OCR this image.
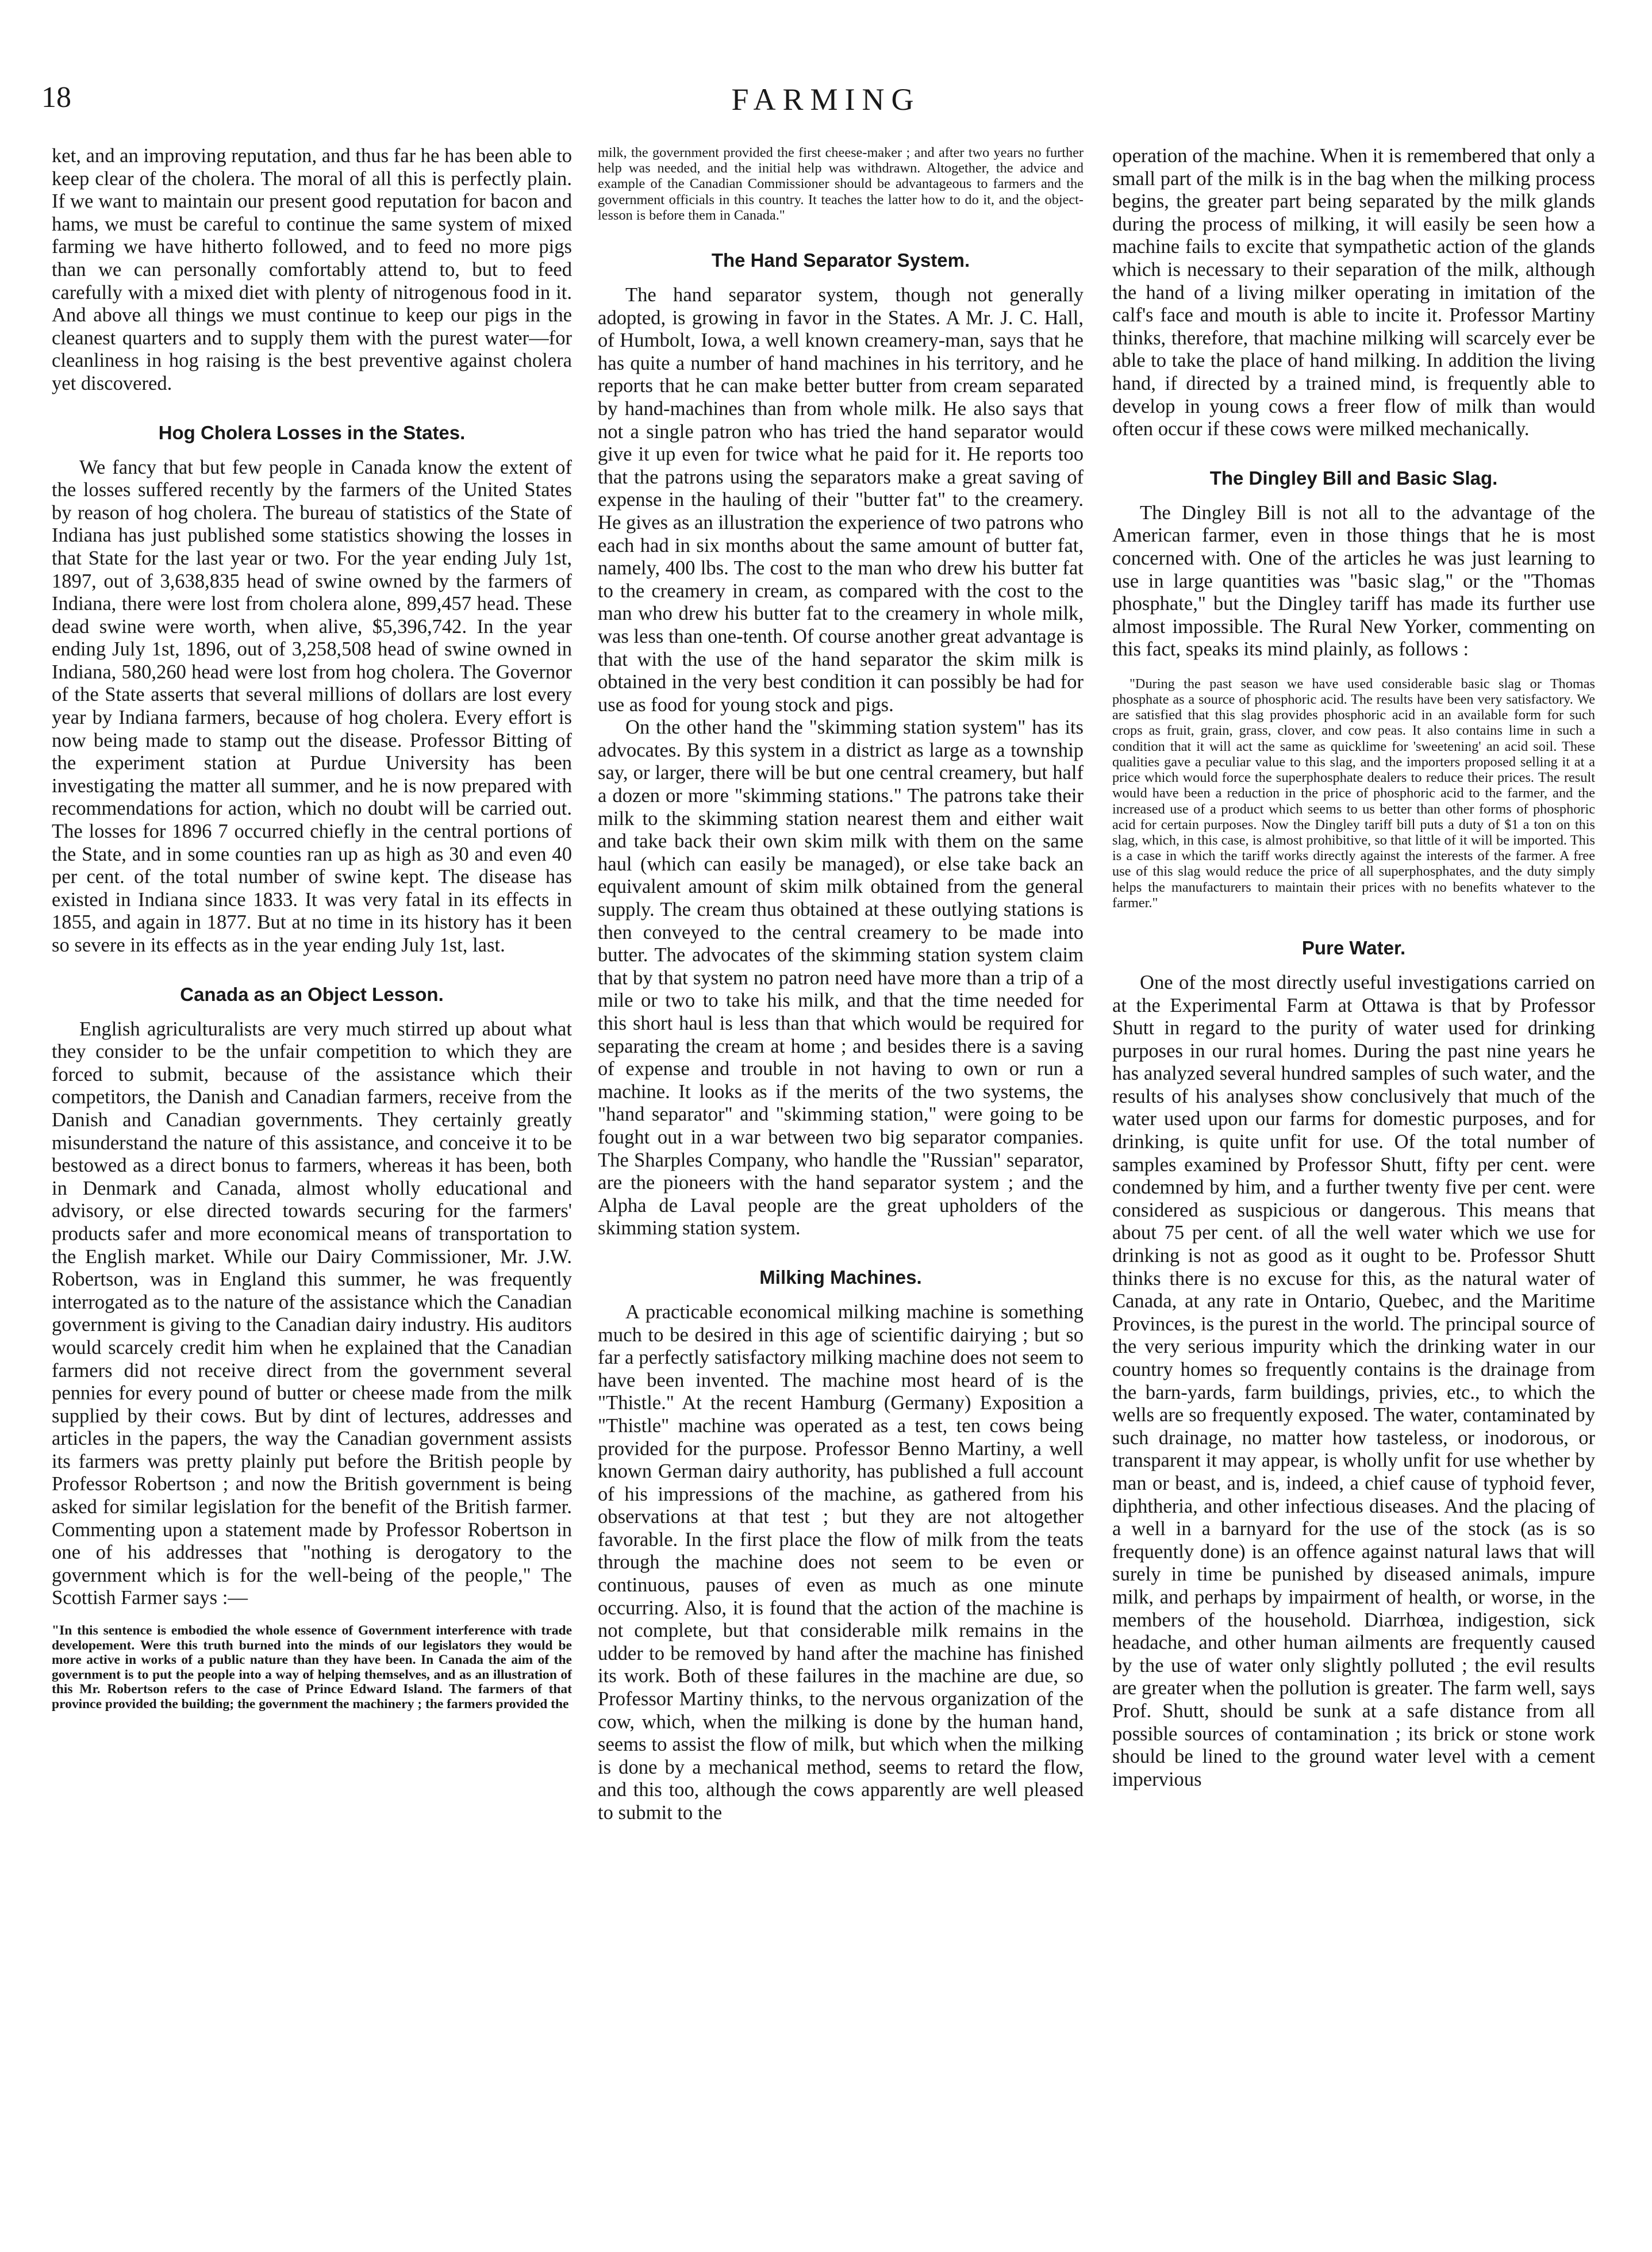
18	FARMING

ket, and an improving reputation, and thus far he has been able to keep clear of the cholera. The moral of all this is perfectly plain. If we want to maintain our present good reputation for bacon and hams, we must be careful to continue the same system of mixed farming we have hitherto followed, and to feed no more pigs than we can personally comfortably attend to, but to feed carefully with a mixed diet with plenty of nitrogenous food in it. And above all things we must continue to keep our pigs in the cleanest quarters and to supply them with the purest water—for cleanliness in hog raising is the best preventive against cholera yet discovered.

Hog Cholera Losses in the States.

We fancy that but few people in Canada know the extent of the losses suffered recently by the farmers of the United States by reason of hog cholera. The bureau of statistics of the State of Indiana has just published some statistics showing the losses in that State for the last year or two. For the year ending July 1st, 1897, out of 3,638,835 head of swine owned by the farmers of Indiana, there were lost from cholera alone, 899,457 head. These dead swine were worth, when alive, $5,396,742. In the year ending July 1st, 1896, out of 3,258,508 head of swine owned in Indiana, 580,260 head were lost from hog cholera. The Governor of the State asserts that several millions of dollars are lost every year by Indiana farmers, because of hog cholera. Every effort is now being made to stamp out the disease. Professor Bitting of the experiment station at Purdue University has been investigating the matter all summer, and he is now prepared with recommendations for action, which no doubt will be carried out. The losses for 1896 7 occurred chiefly in the central portions of the State, and in some counties ran up as high as 30 and even 40 per cent. of the total number of swine kept. The disease has existed in Indiana since 1833. It was very fatal in its effects in 1855, and again in 1877. But at no time in its history has it been so severe in its effects as in the year ending July 1st, last.

Canada as an Object Lesson.

English agriculturalists are very much stirred up about what they consider to be the unfair competition to which they are forced to submit, because of the assistance which their competitors, the Danish and Canadian farmers, receive from the Danish and Canadian governments. They certainly greatly misunderstand the nature of this assistance, and conceive it to be bestowed as a direct bonus to farmers, whereas it has been, both in Denmark and Canada, almost wholly educational and advisory, or else directed towards securing for the farmers' products safer and more economical means of transportation to the English market. While our Dairy Commissioner, Mr. J.W. Robertson, was in England this summer, he was frequently interrogated as to the nature of the assistance which the Canadian government is giving to the Canadian dairy industry. His auditors would scarcely credit him when he explained that the Canadian farmers did not receive direct from the government several pennies for every pound of butter or cheese made from the milk supplied by their cows. But by dint of lectures, addresses and articles in the papers, the way the Canadian government assists its farmers was pretty plainly put before the British people by Professor Robertson ; and now the British government is being asked for similar legislation for the benefit of the British farmer. Commenting upon a statement made by Professor Robertson in one of his addresses that "nothing is derogatory to the government which is for the well-being of the people," The Scottish Farmer says :—

"In this sentence is embodied the whole essence of Government interference with trade developement. Were this truth burned into the minds of our legislators they would be more active in works of a public nature than they have been. In Canada the aim of the government is to put the people into a way of helping themselves, and as an illustration of this Mr. Robertson refers to the case of Prince Edward Island. The farmers of that province provided the building; the government the machinery ; the farmers provided the

milk, the government provided the first cheese-maker ; and after two years no further help was needed, and the initial help was withdrawn. Altogether, the advice and example of the Canadian Commissioner should be advantageous to farmers and the government officials in this country. It teaches the latter how to do it, and the object-lesson is before them in Canada."

The Hand Separator System.

The hand separator system, though not generally adopted, is growing in favor in the States. A Mr. J. C. Hall, of Humbolt, Iowa, a well known creamery-man, says that he has quite a number of hand machines in his territory, and he reports that he can make better butter from cream separated by hand-machines than from whole milk. He also says that not a single patron who has tried the hand separator would give it up even for twice what he paid for it. He reports too that the patrons using the separators make a great saving of expense in the hauling of their "butter fat" to the creamery. He gives as an illustration the experience of two patrons who each had in six months about the same amount of butter fat, namely, 400 lbs. The cost to the man who drew his butter fat to the creamery in cream, as compared with the cost to the man who drew his butter fat to the creamery in whole milk, was less than one-tenth. Of course another great advantage is that with the use of the hand separator the skim milk is obtained in the very best condition it can possibly be had for use as food for young stock and pigs.

On the other hand the "skimming station system" has its advocates. By this system in a district as large as a township say, or larger, there will be but one central creamery, but half a dozen or more "skimming stations." The patrons take their milk to the skimming station nearest them and either wait and take back their own skim milk with them on the same haul (which can easily be managed), or else take back an equivalent amount of skim milk obtained from the general supply. The cream thus obtained at these outlying stations is then conveyed to the central creamery to be made into butter. The advocates of the skimming station system claim that by that system no patron need have more than a trip of a mile or two to take his milk, and that the time needed for this short haul is less than that which would be required for separating the cream at home ; and besides there is a saving of expense and trouble in not having to own or run a machine. It looks as if the merits of the two systems, the "hand separator" and "skimming station," were going to be fought out in a war between two big separator companies. The Sharples Company, who handle the "Russian" separator, are the pioneers with the hand separator system ; and the Alpha de Laval people are the great upholders of the skimming station system.

Milking Machines.

A practicable economical milking machine is something much to be desired in this age of scientific dairying ; but so far a perfectly satisfactory milking machine does not seem to have been invented. The machine most heard of is the "Thistle." At the recent Hamburg (Germany) Exposition a "Thistle" machine was operated as a test, ten cows being provided for the purpose. Professor Benno Martiny, a well known German dairy authority, has published a full account of his impressions of the machine, as gathered from his observations at that test ; but they are not altogether favorable. In the first place the flow of milk from the teats through the machine does not seem to be even or continuous, pauses of even as much as one minute occurring. Also, it is found that the action of the machine is not complete, but that considerable milk remains in the udder to be removed by hand after the machine has finished its work. Both of these failures in the machine are due, so Professor Martiny thinks, to the nervous organization of the cow, which, when the milking is done by the human hand, seems to assist the flow of milk, but which when the milking is done by a mechanical method, seems to retard the flow, and this too, although the cows apparently are well pleased to submit to the

operation of the machine. When it is remembered that only a small part of the milk is in the bag when the milking process begins, the greater part being separated by the milk glands during the process of milking, it will easily be seen how a machine fails to excite that sympathetic action of the glands which is necessary to their separation of the milk, although the hand of a living milker operating in imitation of the calf's face and mouth is able to incite it. Professor Martiny thinks, therefore, that machine milking will scarcely ever be able to take the place of hand milking. In addition the living hand, if directed by a trained mind, is frequently able to develop in young cows a freer flow of milk than would often occur if these cows were milked mechanically.

The Dingley Bill and Basic Slag.

The Dingley Bill is not all to the advantage of the American farmer, even in those things that he is most concerned with. One of the articles he was just learning to use in large quantities was "basic slag," or the "Thomas phosphate," but the Dingley tariff has made its further use almost impossible. The Rural New Yorker, commenting on this fact, speaks its mind plainly, as follows :

"During the past season we have used considerable basic slag or Thomas phosphate as a source of phosphoric acid. The results have been very satisfactory. We are satisfied that this slag provides phosphoric acid in an available form for such crops as fruit, grain, grass, clover, and cow peas. It also contains lime in such a condition that it will act the same as quicklime for 'sweetening' an acid soil. These qualities gave a peculiar value to this slag, and the importers proposed selling it at a price which would force the superphosphate dealers to reduce their prices. The result would have been a reduction in the price of phosphoric acid to the farmer, and the increased use of a product which seems to us better than other forms of phosphoric acid for certain purposes. Now the Dingley tariff bill puts a duty of $1 a ton on this slag, which, in this case, is almost prohibitive, so that little of it will be imported. This is a case in which the tariff works directly against the interests of the farmer. A free use of this slag would reduce the price of all superphosphates, and the duty simply helps the manufacturers to maintain their prices with no benefits whatever to the farmer."

Pure Water.

One of the most directly useful investigations carried on at the Experimental Farm at Ottawa is that by Professor Shutt in regard to the purity of water used for drinking purposes in our rural homes. During the past nine years he has analyzed several hundred samples of such water, and the results of his analyses show conclusively that much of the water used upon our farms for domestic purposes, and for drinking, is quite unfit for use. Of the total number of samples examined by Professor Shutt, fifty per cent. were condemned by him, and a further twenty five per cent. were considered as suspicious or dangerous. This means that about 75 per cent. of all the well water which we use for drinking is not as good as it ought to be. Professor Shutt thinks there is no excuse for this, as the natural water of Canada, at any rate in Ontario, Quebec, and the Maritime Provinces, is the purest in the world. The principal source of the very serious impurity which the drinking water in our country homes so frequently contains is the drainage from the barn-yards, farm buildings, privies, etc., to which the wells are so frequently exposed. The water, contaminated by such drainage, no matter how tasteless, or inodorous, or transparent it may appear, is wholly unfit for use whether by man or beast, and is, indeed, a chief cause of typhoid fever, diphtheria, and other infectious diseases. And the placing of a well in a barnyard for the use of the stock (as is so frequently done) is an offence against natural laws that will surely in time be punished by diseased animals, impure milk, and perhaps by impairment of health, or worse, in the members of the household. Diarrhœa, indigestion, sick headache, and other human ailments are frequently caused by the use of water only slightly polluted ; the evil results are greater when the pollution is greater. The farm well, says Prof. Shutt, should be sunk at a safe distance from all possible sources of contamination ; its brick or stone work should be lined to the ground water level with a cement impervious
